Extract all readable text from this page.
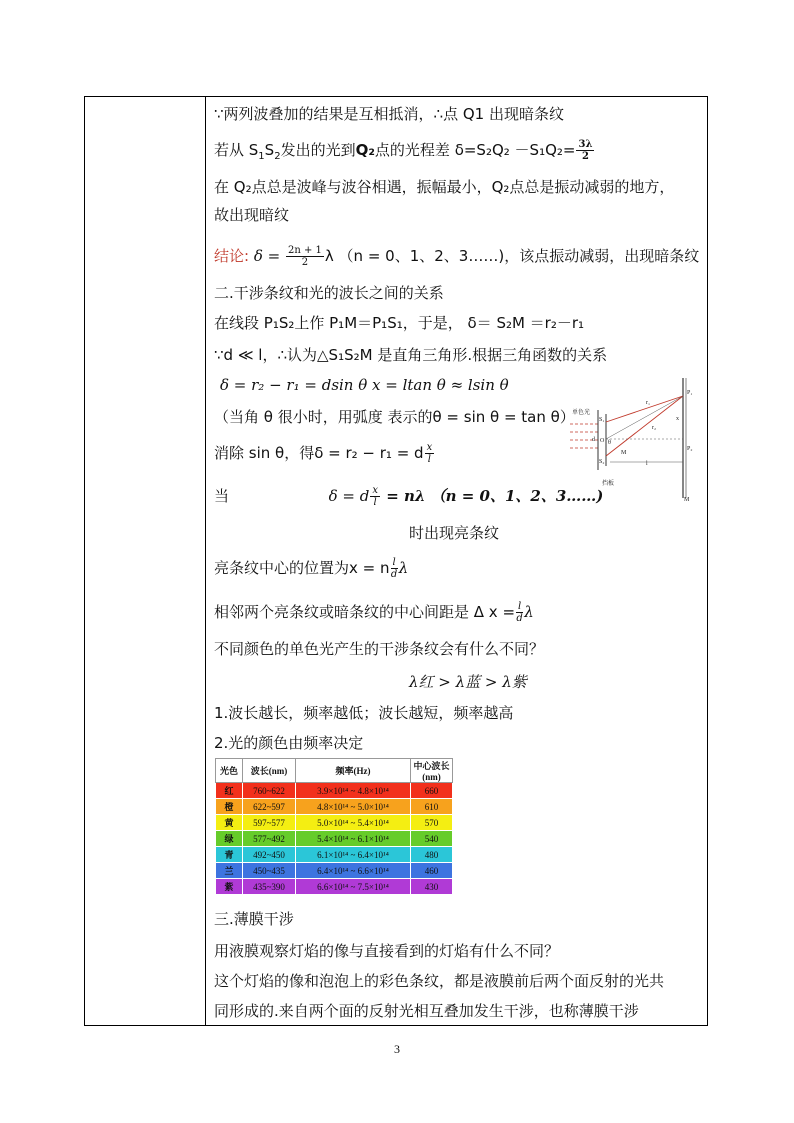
∵两列波叠加的结果是互相抵消，∴点 Q1 出现暗条纹
若从 $S_1S_2$发出的光到Q₂点的光程差 $\delta=S_2Q_2 -S_1Q_2= \frac{3\lambda}{2}$
在 Q₂点总是波峰与波谷相遇，振幅最小，Q₂点总是振动减弱的地方，
故出现暗纹
结论: $\delta = \frac{2n + 1}{2}$ λ （n = 0、1、2、3……)，该点振动减弱，出现暗条纹
二.干涉条纹和光的波长之间的关系
在线段 P₁S₂上作 P₁M＝P₁S₁，于是， δ＝ S₂M ＝r₂－r₁
∵d ≪ l，∴认为△S₁S₂M 是直角三角形.根据三角函数的关系
δ = r₂ − r₁ = dsin θ x = ltan θ ≈ lsin θ
（当角 θ 很小时，用弧度 表示的θ = sin θ = tan θ）
消除 sin θ，得δ = r₂ − r₁ = d $\frac{x}{l}$
当	δ = d $\frac{x}{l} = n\lambda$ （n = 0、1、2、3……)
时出现亮条纹
亮条纹中心的位置为x = n $\frac{l}{d}$ λ
相邻两个亮条纹或暗条纹的中心间距是 Δ $x = \frac{l}{d}$ λ
不同颜色的单色光产生的干涉条纹会有什么不同？
λ红 > λ蓝 > λ紫
1.波长越长，频率越低；波长越短，频率越高
2.光的颜色由频率决定
三.薄膜干涉
用液膜观察灯焰的像与直接看到的灯焰有什么不同？
这个灯焰的像和泡泡上的彩色条纹，都是液膜前后两个面反射的光共
同形成的.来自两个面的反射光相互叠加发生干涉，也称薄膜干涉
单色光
S₁
S₂
O
d θ
M
r₁
r₂
x
l
P₁
P₂
M
挡板
光色	波长(nm)	频率(Hz)	中心波长(nm)
红	760~622	3.9×10¹⁴ ~ 4.8×10¹⁴	660
橙	622~597	4.8×10¹⁴ ~ 5.0×10¹⁴	610
黄	597~577	5.0×10¹⁴ ~ 5.4×10¹⁴	570
绿	577~492	5.4×10¹⁴ ~ 6.1×10¹⁴	540
青	492~450	6.1×10¹⁴ ~ 6.4×10¹⁴	480
兰	450~435	6.4×10¹⁴ ~ 6.6×10¹⁴	460
紫	435~390	6.6×10¹⁴ ~ 7.5×10¹⁴	430
3
